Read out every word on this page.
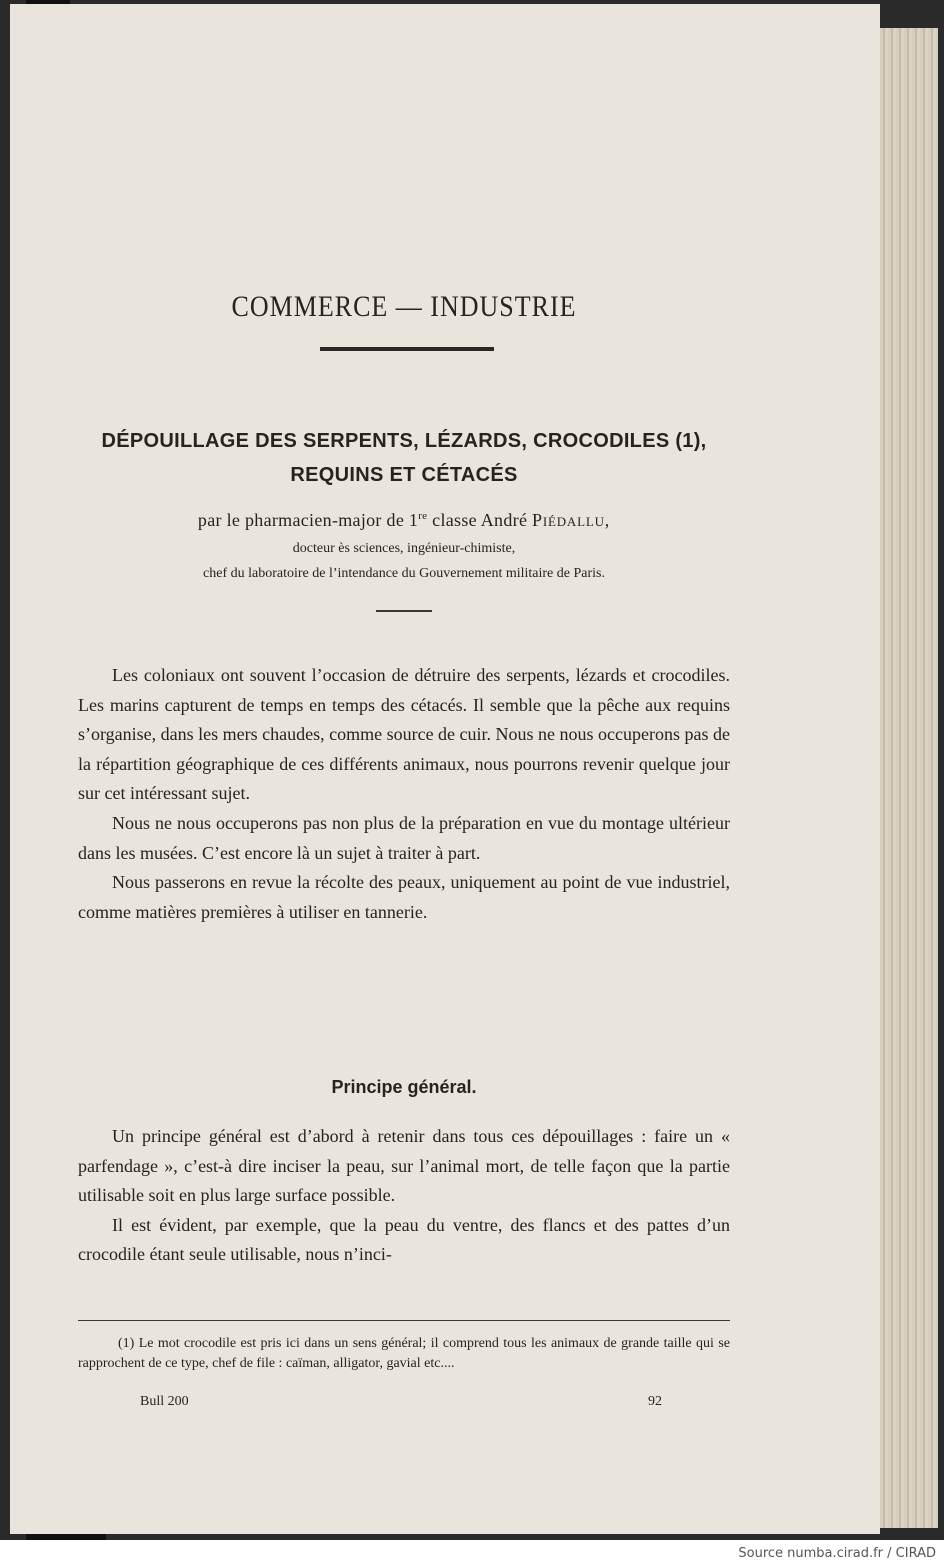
COMMERCE — INDUSTRIE
DÉPOUILLAGE DES SERPENTS, LÉZARDS, CROCODILES (1),
REQUINS ET CÉTACÉS
par le pharmacien-major de 1re classe André Piédallu,
docteur ès sciences, ingénieur-chimiste,
chef du laboratoire de l’intendance du Gouvernement militaire de Paris.

Les coloniaux ont souvent l’occasion de détruire des serpents, lézards et crocodiles. Les marins capturent de temps en temps des cétacés. Il semble que la pêche aux requins s’organise, dans les mers chaudes, comme source de cuir. Nous ne nous occuperons pas de la répartition géographique de ces différents animaux, nous pourrons revenir quelque jour sur cet intéressant sujet.

Nous ne nous occuperons pas non plus de la préparation en vue du montage ultérieur dans les musées. C’est encore là un sujet à traiter à part.

Nous passerons en revue la récolte des peaux, uniquement au point de vue industriel, comme matières premières à utiliser en tannerie.

Principe général.

Un principe général est d’abord à retenir dans tous ces dépouillages : faire un « parfendage », c’est-à dire inciser la peau, sur l’animal mort, de telle façon que la partie utilisable soit en plus large surface possible.

Il est évident, par exemple, que la peau du ventre, des flancs et des pattes d’un crocodile étant seule utilisable, nous n’inci-

(1) Le mot crocodile est pris ici dans un sens général; il comprend tous les animaux de grande taille qui se rapprochent de ce type, chef de file : caïman, alligator, gavial etc....
Bull 200	92
Source numba.cirad.fr / CIRAD
